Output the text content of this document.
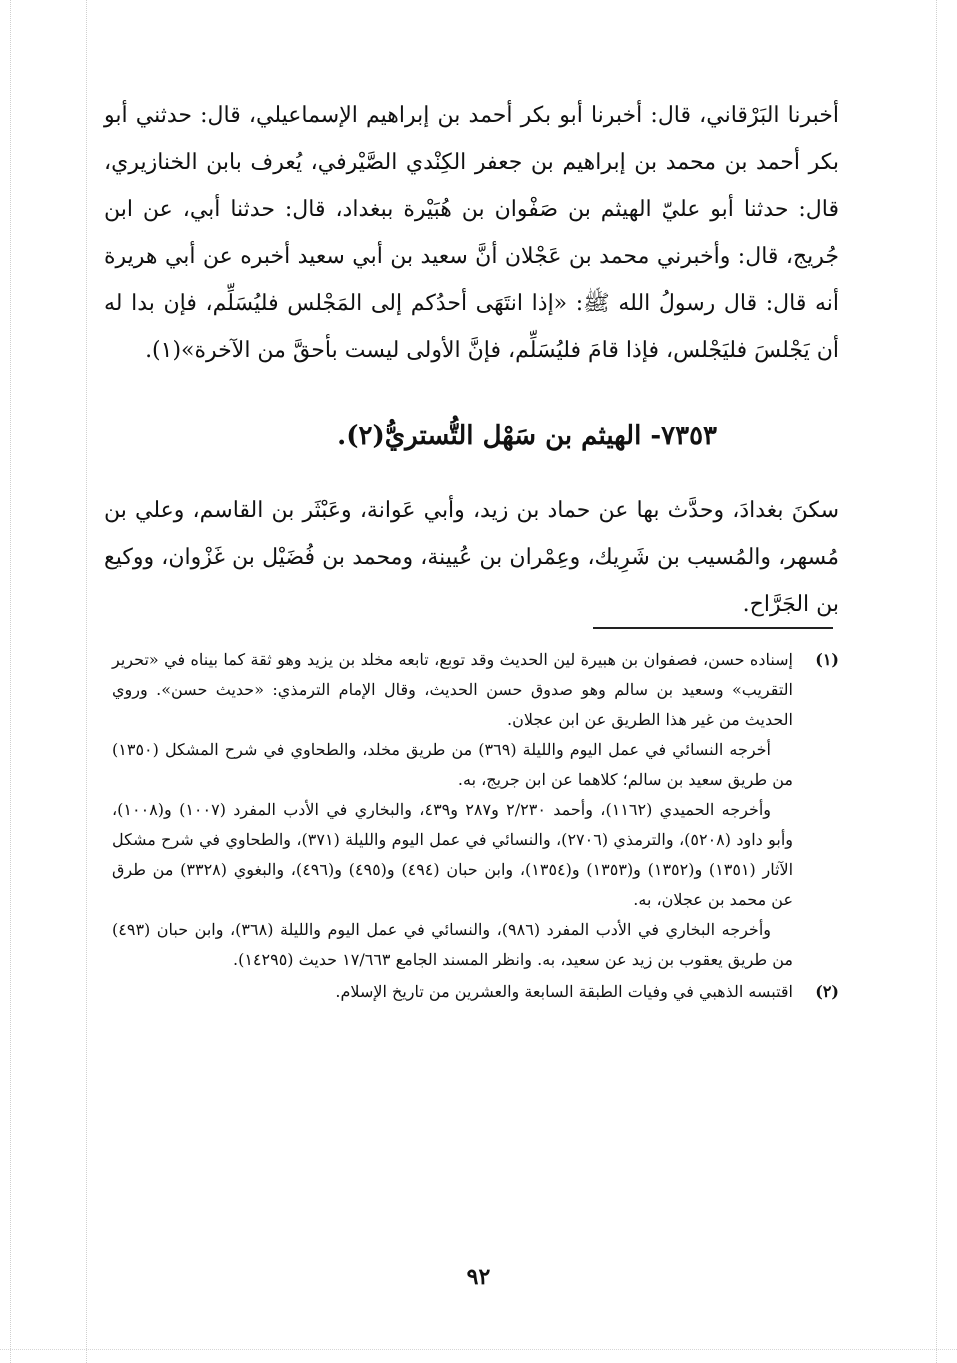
أخبرنا البَرْقاني، قال: أخبرنا أبو بكر أحمد بن إبراهيم الإسماعيلي، قال: حدثني أبو بكر أحمد بن محمد بن إبراهيم بن جعفر الكِنْدي الصَّيْرفي، يُعرف بابن الخنازيري، قال: حدثنا أبو عليّ الهيثم بن صَفْوان بن هُبَيْرة ببغداد، قال: حدثنا أبي، عن ابن جُريج، قال: وأخبرني محمد بن عَجْلان أنَّ سعيد بن أبي سعيد أخبره عن أبي هريرة أنه قال: قال رسولُ الله ﷺ: «إذا انتَهَى أحدُكم إلى المَجْلس فليُسَلِّم، فإن بدا له أن يَجْلسَ فليَجْلس، فإذا قامَ فليُسَلِّم، فإنَّ الأولى ليست بأحقَّ من الآخرة»(١).

٧٣٥٣- الهيثم بن سَهْل التُّستريُّ(٢).

سكنَ بغدادَ، وحدَّث بها عن حماد بن زيد، وأبي عَوانة، وعَبْثَر بن القاسم، وعلي بن مُسهر، والمُسيب بن شَرِيك، وعِمْران بن عُيينة، ومحمد بن فُضَيْل بن غَزْوان، ووكيع بن الجَرَّاح.

(١)

إسناده حسن، فصفوان بن هبيرة لين الحديث وقد توبع، تابعه مخلد بن يزيد وهو ثقة كما بيناه في «تحرير التقريب» وسعيد بن سالم وهو صدوق حسن الحديث، وقال الإمام الترمذي: «حديث حسن». وروي الحديث من غير هذا الطريق عن ابن عجلان.

أخرجه النسائي في عمل اليوم والليلة (٣٦٩) من طريق مخلد، والطحاوي في شرح المشكل (١٣٥٠) من طريق سعيد بن سالم؛ كلاهما عن ابن جريج، به.

وأخرجه الحميدي (١١٦٢)، وأحمد ٢/٢٣٠ و٢٨٧ و٤٣٩، والبخاري في الأدب المفرد (١٠٠٧) و(١٠٠٨)، وأبو داود (٥٢٠٨)، والترمذي (٢٧٠٦)، والنسائي في عمل اليوم والليلة (٣٧١)، والطحاوي في شرح مشكل الآثار (١٣٥١) و(١٣٥٢) و(١٣٥٣) و(١٣٥٤)، وابن حبان (٤٩٤) و(٤٩٥) و(٤٩٦)، والبغوي (٣٣٢٨) من طرق عن محمد بن عجلان، به.

وأخرجه البخاري في الأدب المفرد (٩٨٦)، والنسائي في عمل اليوم والليلة (٣٦٨)، وابن حبان (٤٩٣) من طريق يعقوب بن زيد عن سعيد، به. وانظر المسند الجامع ١٧/٦٦٣ حديث (١٤٢٩٥).

(٢)

اقتبسه الذهبي في وفيات الطبقة السابعة والعشرين من تاريخ الإسلام.

٩٢
